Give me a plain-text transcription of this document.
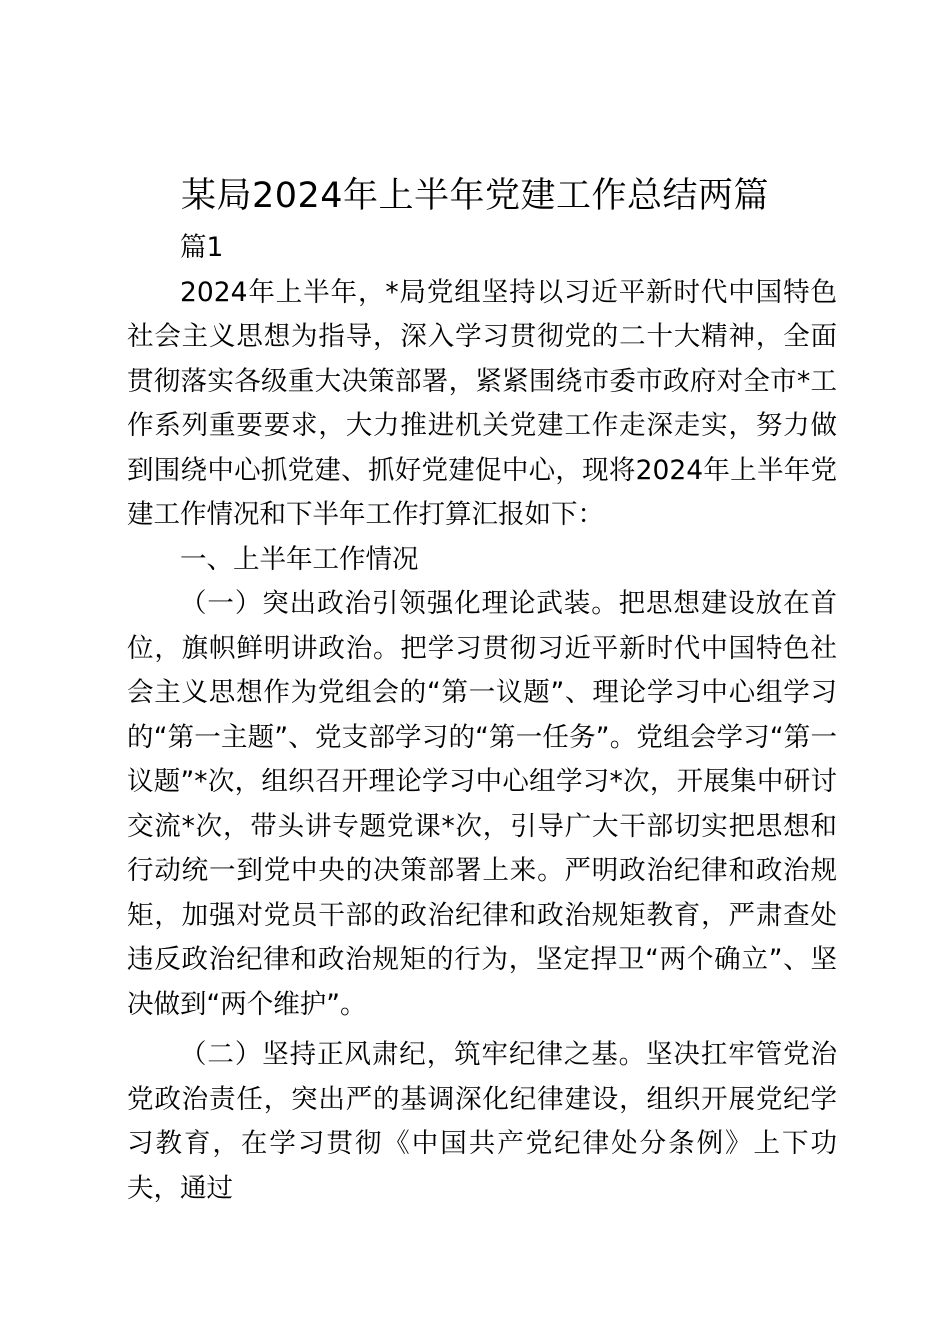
某局2024年上半年党建工作总结两篇

篇1

2024年上半年，*局党组坚持以习近平新时代中国特色社会主义思想为指导，深入学习贯彻党的二十大精神，全面贯彻落实各级重大决策部署，紧紧围绕市委市政府对全市*工作系列重要要求，大力推进机关党建工作走深走实，努力做到围绕中心抓党建、抓好党建促中心，现将2024年上半年党建工作情况和下半年工作打算汇报如下：

一、上半年工作情况

（一）突出政治引领强化理论武装。把思想建设放在首位，旗帜鲜明讲政治。把学习贯彻习近平新时代中国特色社会主义思想作为党组会的“第一议题”、理论学习中心组学习的“第一主题”、党支部学习的“第一任务”。党组会学习“第一议题”*次，组织召开理论学习中心组学习*次，开展集中研讨交流*次，带头讲专题党课*次，引导广大干部切实把思想和行动统一到党中央的决策部署上来。严明政治纪律和政治规矩，加强对党员干部的政治纪律和政治规矩教育，严肃查处违反政治纪律和政治规矩的行为，坚定捍卫“两个确立”、坚决做到“两个维护”。

（二）坚持正风肃纪，筑牢纪律之基。坚决扛牢管党治党政治责任，突出严的基调深化纪律建设，组织开展党纪学习教育，在学习贯彻《中国共产党纪律处分条例》上下功夫，通过
